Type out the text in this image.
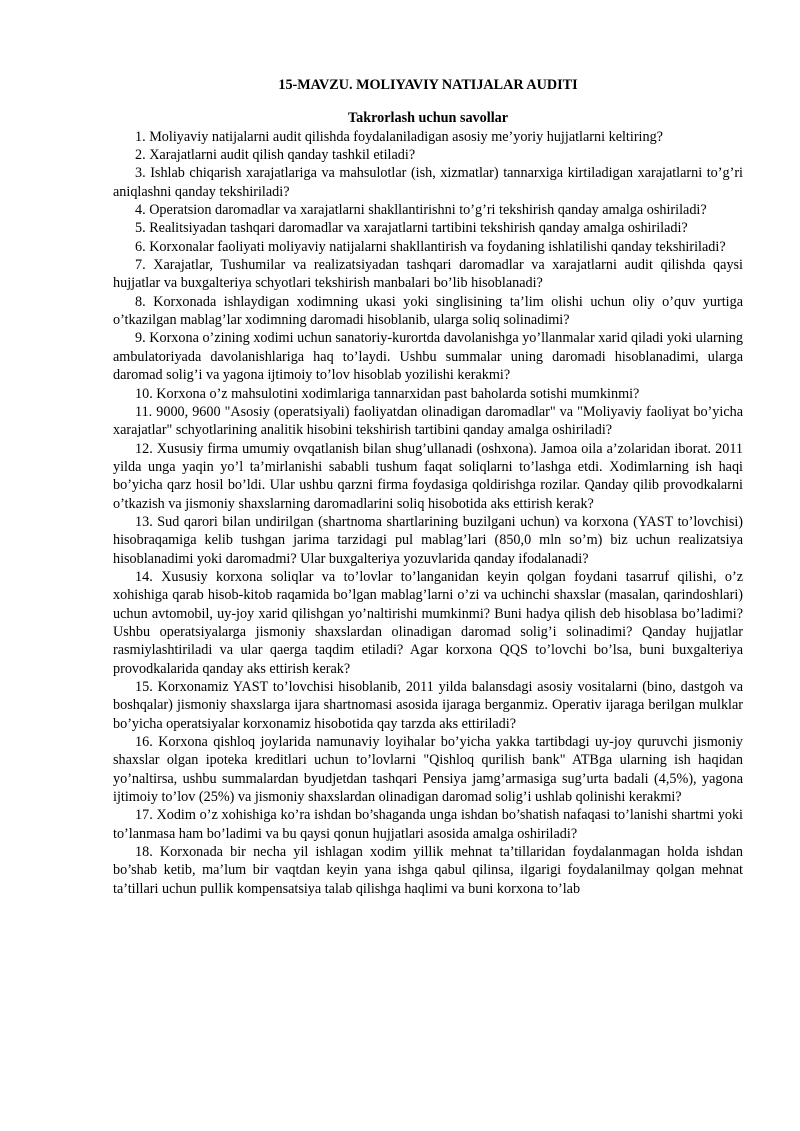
15-MAVZU. MOLIYAVIY NATIJALAR AUDITI

Takrorlash uchun savollar

1. Moliyaviy natijalarni audit qilishda foydalaniladigan asosiy me’yoriy hujjatlarni keltiring?

2. Xarajatlarni audit qilish qanday tashkil etiladi?

3. Ishlab chiqarish xarajatlariga va mahsulotlar (ish, xizmatlar) tannarxiga kirtiladigan xarajatlarni to’g’ri aniqlashni qanday tekshiriladi?

4. Operatsion daromadlar va xarajatlarni shakllantirishni to’g’ri tekshirish qanday amalga oshiriladi?

5. Realitsiyadan tashqari daromadlar va xarajatlarni tartibini tekshirish qanday amalga oshiriladi?

6. Korxonalar faoliyati moliyaviy natijalarni shakllantirish va foydaning ishlatilishi qanday tekshiriladi?

7. Xarajatlar, Tushumilar va realizatsiyadan tashqari daromadlar va xarajatlarni audit qilishda qaysi hujjatlar va buxgalteriya schyotlari tekshirish manbalari bo’lib hisoblanadi?

8. Korxonada ishlaydigan xodimning ukasi yoki singlisining ta’lim olishi uchun oliy o’quv yurtiga o’tkazilgan mablag’lar xodimning daromadi hisoblanib, ularga soliq solinadimi?

9. Korxona o’zining xodimi uchun sanatoriy-kurortda davolanishga yo’llanmalar xarid qiladi yoki ularning ambulatoriyada davolanishlariga haq to’laydi. Ushbu summalar uning daromadi hisoblanadimi, ularga daromad solig’i va yagona ijtimoiy to’lov hisoblab yozilishi kerakmi?

10. Korxona o’z mahsulotini xodimlariga tannarxidan past baholarda sotishi mumkinmi?

11. 9000, 9600 "Asosiy (operatsiyali) faoliyatdan olinadigan daromadlar" va "Moliyaviy faoliyat bo’yicha xarajatlar" schyotlarining analitik hisobini tekshirish tartibini qanday amalga oshiriladi?

12. Xususiy firma umumiy ovqatlanish bilan shug’ullanadi (oshxona). Jamoa oila a’zolaridan iborat. 2011 yilda unga yaqin yo’l ta’mirlanishi sababli tushum faqat soliqlarni to’lashga etdi. Xodimlarning ish haqi bo’yicha qarz hosil bo’ldi. Ular ushbu qarzni firma foydasiga qoldirishga rozilar. Qanday qilib provodkalarni o’tkazish va jismoniy shaxslarning daromadlarini soliq hisobotida aks ettirish kerak?

13. Sud qarori bilan undirilgan (shartnoma shartlarining buzilgani uchun) va korxona (YAST to’lovchisi) hisobraqamiga kelib tushgan jarima tarzidagi pul mablag’lari (850,0 mln so’m) biz uchun realizatsiya hisoblanadimi yoki daromadmi? Ular buxgalteriya yozuvlarida qanday ifodalanadi?

14. Xususiy korxona soliqlar va to’lovlar to’langanidan keyin qolgan foydani tasarruf qilishi, o’z xohishiga qarab hisob-kitob raqamida bo’lgan mablag’larni o’zi va uchinchi shaxslar (masalan, qarindoshlari) uchun avtomobil, uy-joy xarid qilishgan yo’naltirishi mumkinmi? Buni hadya qilish deb hisoblasa bo’ladimi? Ushbu operatsiyalarga jismoniy shaxslardan olinadigan daromad solig’i solinadimi? Qanday hujjatlar rasmiylashtiriladi va ular qaerga taqdim etiladi? Agar korxona QQS to’lovchi bo’lsa, buni buxgalteriya provodkalarida qanday aks ettirish kerak?

15. Korxonamiz YAST to’lovchisi hisoblanib, 2011 yilda balansdagi asosiy vositalarni (bino, dastgoh va boshqalar) jismoniy shaxslarga ijara shartnomasi asosida ijaraga berganmiz. Operativ ijaraga berilgan mulklar bo’yicha operatsiyalar korxonamiz hisobotida qay tarzda aks ettiriladi?

16. Korxona qishloq joylarida namunaviy loyihalar bo’yicha yakka tartibdagi uy-joy quruvchi jismoniy shaxslar olgan ipoteka kreditlari uchun to’lovlarni "Qishloq qurilish bank" ATBga ularning ish haqidan yo’naltirsa, ushbu summalardan byudjetdan tashqari Pensiya jamg’armasiga sug’urta badali (4,5%), yagona ijtimoiy to’lov (25%) va jismoniy shaxslardan olinadigan daromad solig’i ushlab qolinishi kerakmi?

17. Xodim o’z xohishiga ko’ra ishdan bo’shaganda unga ishdan bo’shatish nafaqasi to’lanishi shartmi yoki to’lanmasa ham bo’ladimi va bu qaysi qonun hujjatlari asosida amalga oshiriladi?

18. Korxonada bir necha yil ishlagan xodim yillik mehnat ta’tillaridan foydalanmagan holda ishdan bo’shab ketib, ma’lum bir vaqtdan keyin yana ishga qabul qilinsa, ilgarigi foydalanilmay qolgan mehnat ta’tillari uchun pullik kompensatsiya talab qilishga haqlimi va buni korxona to’lab
